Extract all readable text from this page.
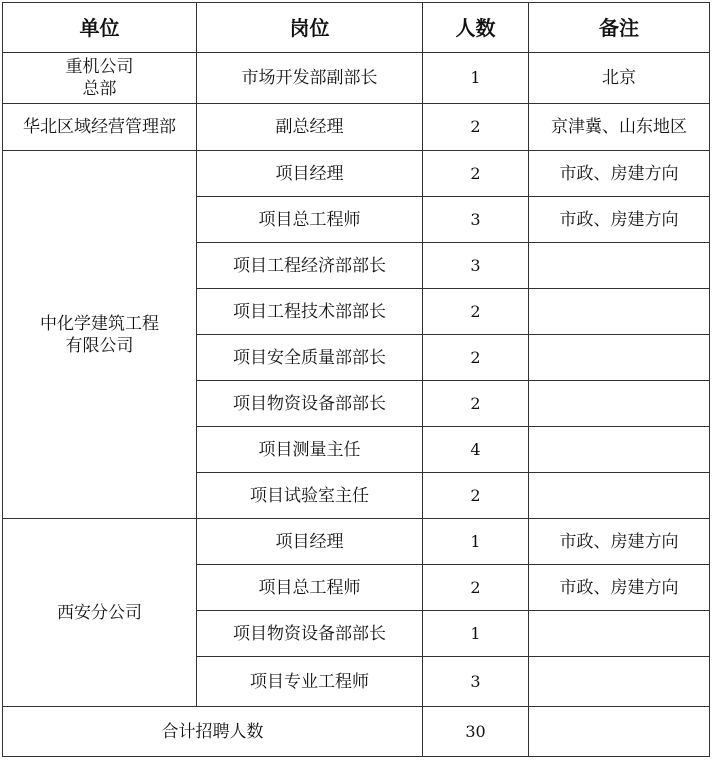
单位	岗位	人数	备注

重机公司
总部	市场开发部副部长	1	北京
华北区域经营管理部	副总经理	2	京津冀、山东地区

中化学建筑工程
有限公司	项目经理	2	市政、房建方向
	项目总工程师	3	市政、房建方向
	项目工程经济部部长	3	
	项目工程技术部部长	2	
	项目安全质量部部长	2	
	项目物资设备部部长	2	
	项目测量主任	4	
	项目试验室主任	2	
西安分公司	项目经理	1	市政、房建方向
	项目总工程师	2	市政、房建方向
	项目物资设备部部长	1	
	项目专业工程师	3	
合计招聘人数		30	
